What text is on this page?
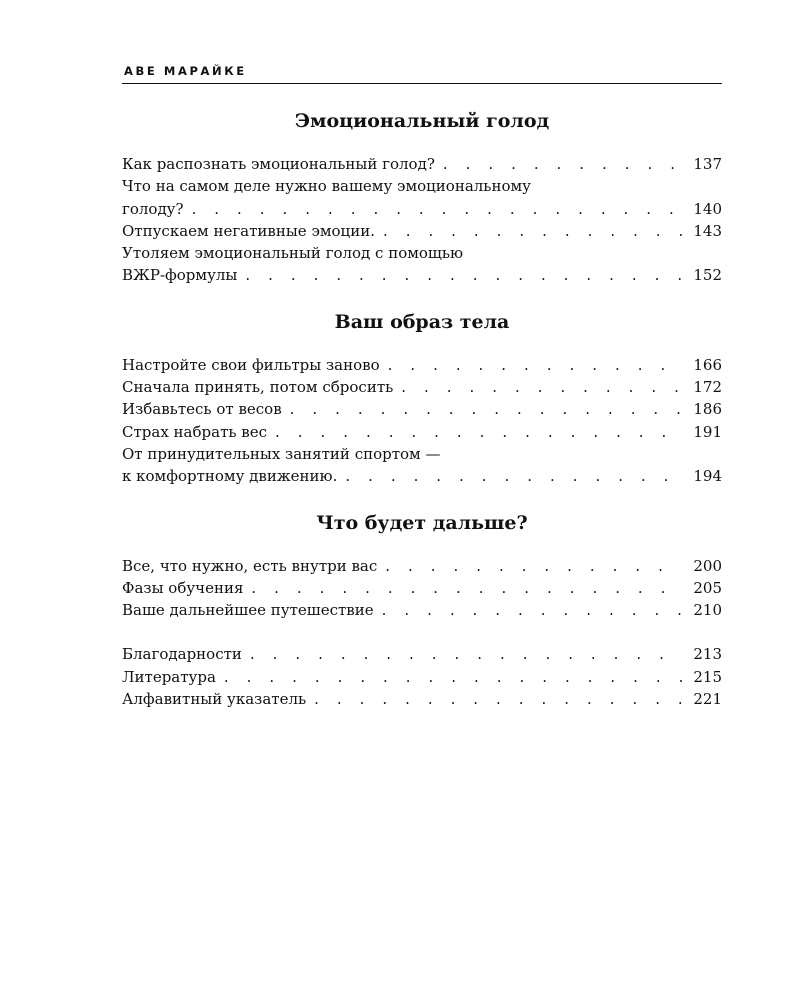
АВЕ МАРАЙКЕ
Эмоциональный голод
Как распознать эмоциональный голод? . . .	137
Что на самом деле нужно вашему эмоциональному
голоду? . . .	140
Отпускаем негативные эмоции. . . .	143
Утоляем эмоциональный голод с помощью
ВЖР-формулы . . .	152
Ваш образ тела
Настройте свои фильтры заново . . .	166
Сначала принять, потом сбросить . . .	172
Избавьтесь от весов . . .	186
Страх набрать вес . . .	191
От принудительных занятий спортом —
к комфортному движению. . . .	194
Что будет дальше?
Все, что нужно, есть внутри вас . . .	200
Фазы обучения . . .	205
Ваше дальнейшее путешествие . . .	210
Благодарности . . .	213
Литература . . .	215
Алфавитный указатель . . .	221
